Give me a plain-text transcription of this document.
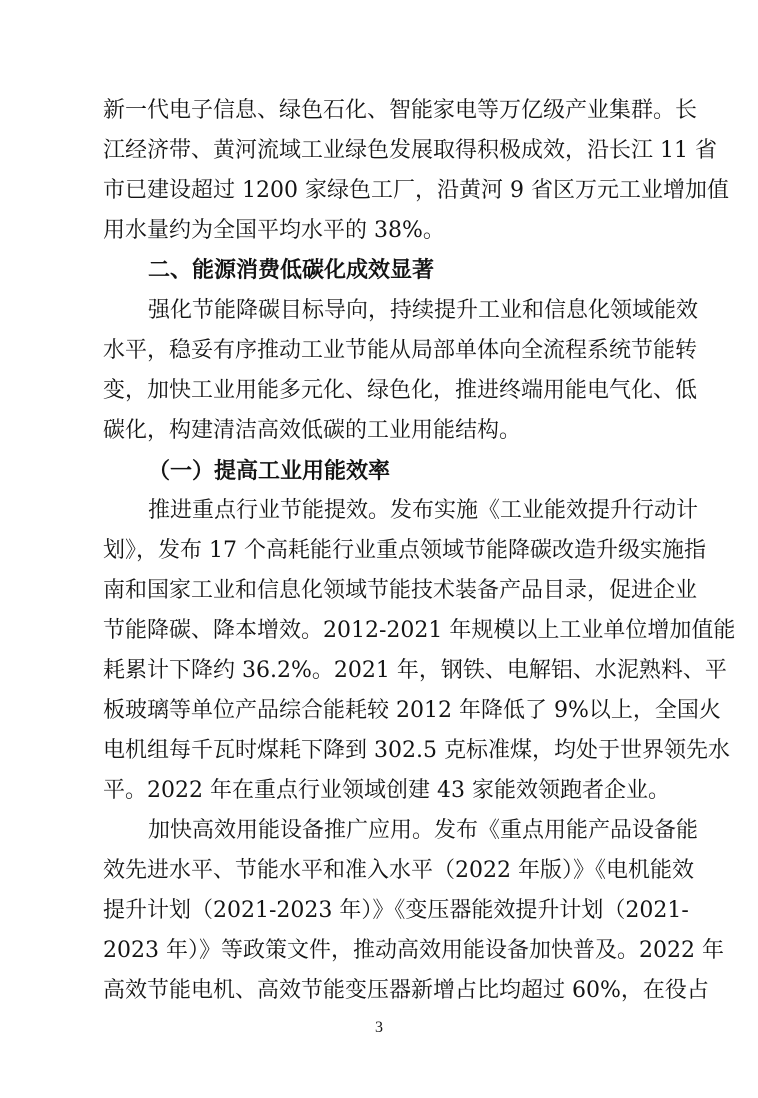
新一代电子信息、绿色石化、智能家电等万亿级产业集群。长
江经济带、黄河流域工业绿色发展取得积极成效，沿长江 11 省
市已建设超过 1200 家绿色工厂，沿黄河 9 省区万元工业增加值
用水量约为全国平均水平的 38%。
二、能源消费低碳化成效显著
强化节能降碳目标导向，持续提升工业和信息化领域能效
水平，稳妥有序推动工业节能从局部单体向全流程系统节能转
变，加快工业用能多元化、绿色化，推进终端用能电气化、低
碳化，构建清洁高效低碳的工业用能结构。
（一）提高工业用能效率
推进重点行业节能提效。发布实施《工业能效提升行动计
划》，发布 17 个高耗能行业重点领域节能降碳改造升级实施指
南和国家工业和信息化领域节能技术装备产品目录，促进企业
节能降碳、降本增效。2012-2021 年规模以上工业单位增加值能
耗累计下降约 36.2%。2021 年，钢铁、电解铝、水泥熟料、平
板玻璃等单位产品综合能耗较 2012 年降低了 9%以上，全国火
电机组每千瓦时煤耗下降到 302.5 克标准煤，均处于世界领先水
平。2022 年在重点行业领域创建 43 家能效领跑者企业。
加快高效用能设备推广应用。发布《重点用能产品设备能
效先进水平、节能水平和准入水平（2022 年版）》《电机能效
提升计划（2021-2023 年）》《变压器能效提升计划（2021-
2023 年）》等政策文件，推动高效用能设备加快普及。2022 年
高效节能电机、高效节能变压器新增占比均超过 60%，在役占
3
